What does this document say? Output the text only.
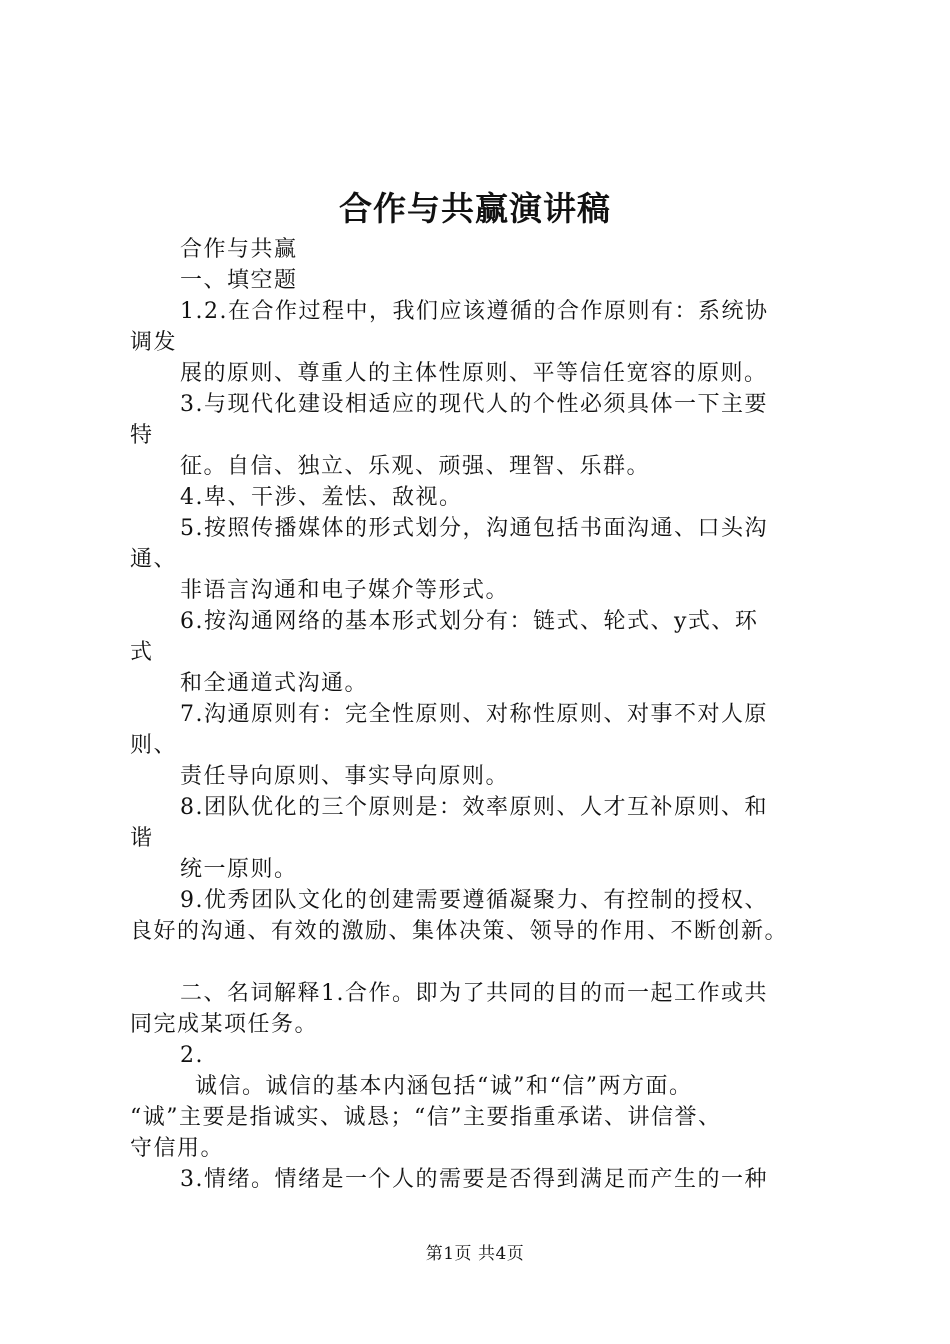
合作与共赢演讲稿
合作与共赢
一、填空题
1.2.在合作过程中，我们应该遵循的合作原则有：系统协
调发
展的原则、尊重人的主体性原则、平等信任宽容的原则。
3.与现代化建设相适应的现代人的个性必须具体一下主要
特
征。自信、独立、乐观、顽强、理智、乐群。
4.卑、干涉、羞怯、敌视。
5.按照传播媒体的形式划分，沟通包括书面沟通、口头沟
通、
非语言沟通和电子媒介等形式。
6.按沟通网络的基本形式划分有：链式、轮式、y式、环
式
和全通道式沟通。
7.沟通原则有：完全性原则、对称性原则、对事不对人原
则、
责任导向原则、事实导向原则。
8.团队优化的三个原则是：效率原则、人才互补原则、和
谐
统一原则。
9.优秀团队文化的创建需要遵循凝聚力、有控制的授权、
良好的沟通、有效的激励、集体决策、领导的作用、不断创新。
二、名词解释1.合作。即为了共同的目的而一起工作或共
同完成某项任务。
2.
诚信。诚信的基本内涵包括“诚”和“信”两方面。
“诚”主要是指诚实、诚恳；“信”主要指重承诺、讲信誉、
守信用。
3.情绪。情绪是一个人的需要是否得到满足而产生的一种
第1页 共4页
